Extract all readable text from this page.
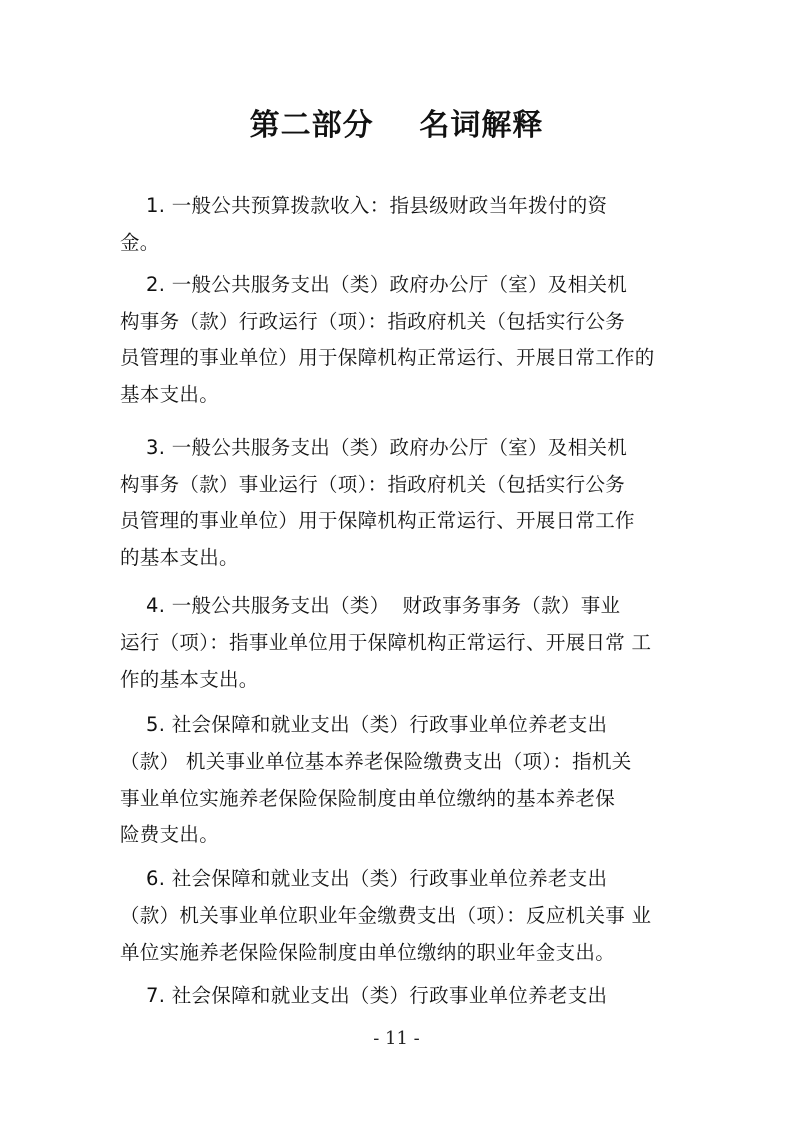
第二部分    名词解释
1. 一般公共预算拨款收入：指县级财政当年拨付的资
金。
2. 一般公共服务支出（类）政府办公厅（室）及相关机
构事务（款）行政运行（项）：指政府机关（包括实行公务
员管理的事业单位）用于保障机构正常运行、开展日常工作的
基本支出。
3. 一般公共服务支出（类）政府办公厅（室）及相关机
构事务（款）事业运行（项）：指政府机关（包括实行公务
员管理的事业单位）用于保障机构正常运行、开展日常工作
的基本支出。
4. 一般公共服务支出（类）  财政事务事务（款）事业
运行（项）：指事业单位用于保障机构正常运行、开展日常 工
作的基本支出。
5. 社会保障和就业支出（类）行政事业单位养老支出
（款） 机关事业单位基本养老保险缴费支出（项）：指机关
事业单位实施养老保险保险制度由单位缴纳的基本养老保
险费支出。
6. 社会保障和就业支出（类）行政事业单位养老支出
（款）机关事业单位职业年金缴费支出（项）：反应机关事 业
单位实施养老保险保险制度由单位缴纳的职业年金支出。
7. 社会保障和就业支出（类）行政事业单位养老支出
- 11 -
